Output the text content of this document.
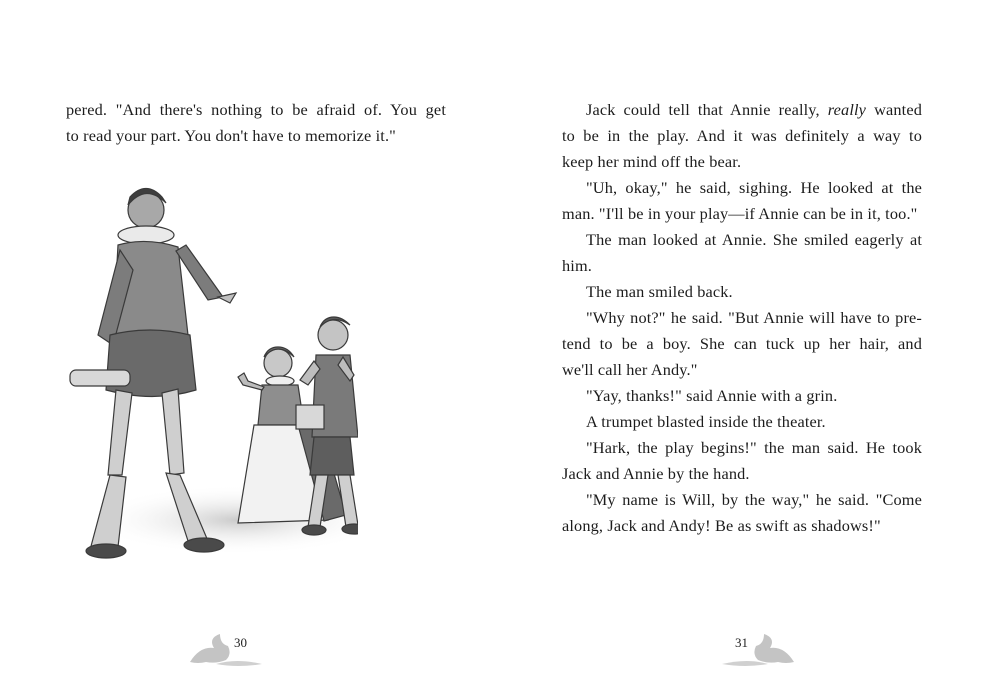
pered. "And there's nothing to be afraid of. You get
to read your part. You don't have to memorize it."
30
Jack could tell that Annie really, really wanted
to be in the play. And it was definitely a way to
keep her mind off the bear.
"Uh, okay," he said, sighing. He looked at the
man. "I'll be in your play—if Annie can be in it, too."
The man looked at Annie. She smiled eagerly at
him.
The man smiled back.
"Why not?" he said. "But Annie will have to pre-
tend to be a boy. She can tuck up her hair, and
we'll call her Andy."
"Yay, thanks!" said Annie with a grin.
A trumpet blasted inside the theater.
"Hark, the play begins!" the man said. He took
Jack and Annie by the hand.
"My name is Will, by the way," he said. "Come
along, Jack and Andy! Be as swift as shadows!"
31
